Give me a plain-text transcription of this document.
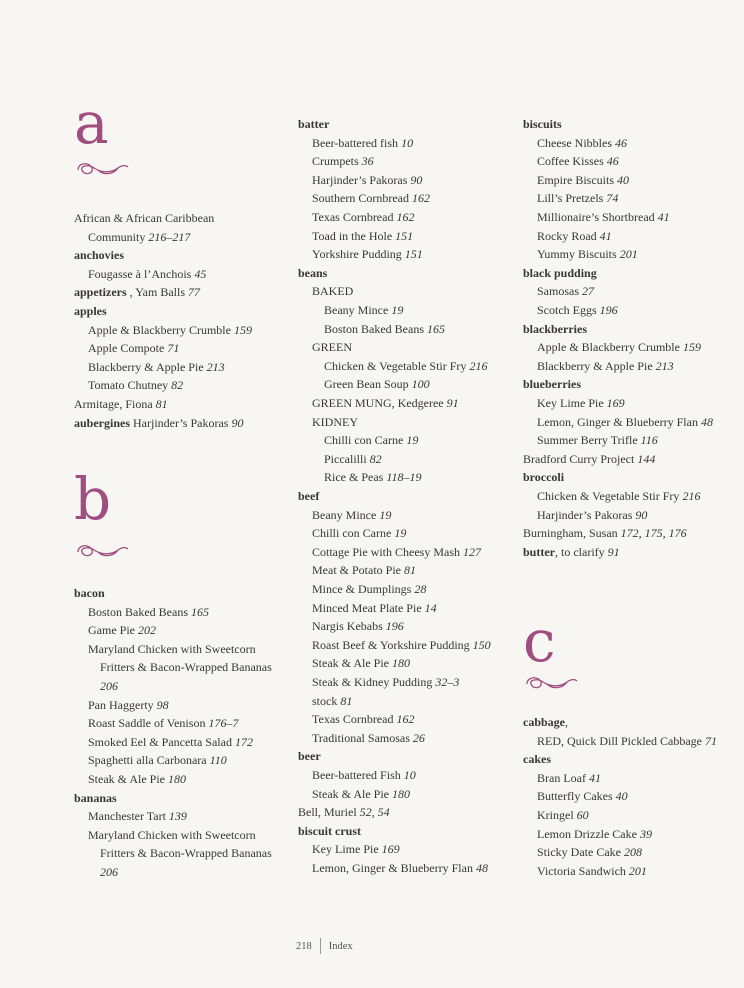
a
African & African Caribbean
Community 216–217
anchovies
Fougasse à l’Anchois 45
appetizers , Yam Balls 77
apples
Apple & Blackberry Crumble 159
Apple Compote 71
Blackberry & Apple Pie 213
Tomato Chutney 82
Armitage, Fiona 81
aubergines Harjinder’s Pakoras 90
b
bacon
Boston Baked Beans 165
Game Pie 202
Maryland Chicken with Sweetcorn
Fritters & Bacon-Wrapped Bananas
206
Pan Haggerty 98
Roast Saddle of Venison 176–7
Smoked Eel & Pancetta Salad 172
Spaghetti alla Carbonara 110
Steak & Ale Pie 180
bananas
Manchester Tart 139
Maryland Chicken with Sweetcorn
Fritters & Bacon-Wrapped Bananas
206
batter
Beer-battered fish 10
Crumpets 36
Harjinder’s Pakoras 90
Southern Cornbread 162
Texas Cornbread 162
Toad in the Hole 151
Yorkshire Pudding 151
beans
BAKED
Beany Mince 19
Boston Baked Beans 165
GREEN
Chicken & Vegetable Stir Fry 216
Green Bean Soup 100
GREEN MUNG, Kedgeree 91
KIDNEY
Chilli con Carne 19
Piccalilli 82
Rice & Peas 118–19
beef
Beany Mince 19
Chilli con Carne 19
Cottage Pie with Cheesy Mash 127
Meat & Potato Pie 81
Mince & Dumplings 28
Minced Meat Plate Pie 14
Nargis Kebabs 196
Roast Beef & Yorkshire Pudding 150
Steak & Ale Pie 180
Steak & Kidney Pudding 32–3
stock 81
Texas Cornbread 162
Traditional Samosas 26
beer
Beer-battered Fish 10
Steak & Ale Pie 180
Bell, Muriel 52, 54
biscuit crust
Key Lime Pie 169
Lemon, Ginger & Blueberry Flan 48
biscuits
Cheese Nibbles 46
Coffee Kisses 46
Empire Biscuits 40
Lill’s Pretzels 74
Millionaire’s Shortbread 41
Rocky Road 41
Yummy Biscuits 201
black pudding
Samosas 27
Scotch Eggs 196
blackberries
Apple & Blackberry Crumble 159
Blackberry & Apple Pie 213
blueberries
Key Lime Pie 169
Lemon, Ginger & Blueberry Flan 48
Summer Berry Trifle 116
Bradford Curry Project 144
broccoli
Chicken & Vegetable Stir Fry 216
Harjinder’s Pakoras 90
Burningham, Susan 172, 175, 176
butter, to clarify 91
c
cabbage,
RED, Quick Dill Pickled Cabbage 71
cakes
Bran Loaf 41
Butterfly Cakes 40
Kringel 60
Lemon Drizzle Cake 39
Sticky Date Cake 208
Victoria Sandwich 201
218 Index
